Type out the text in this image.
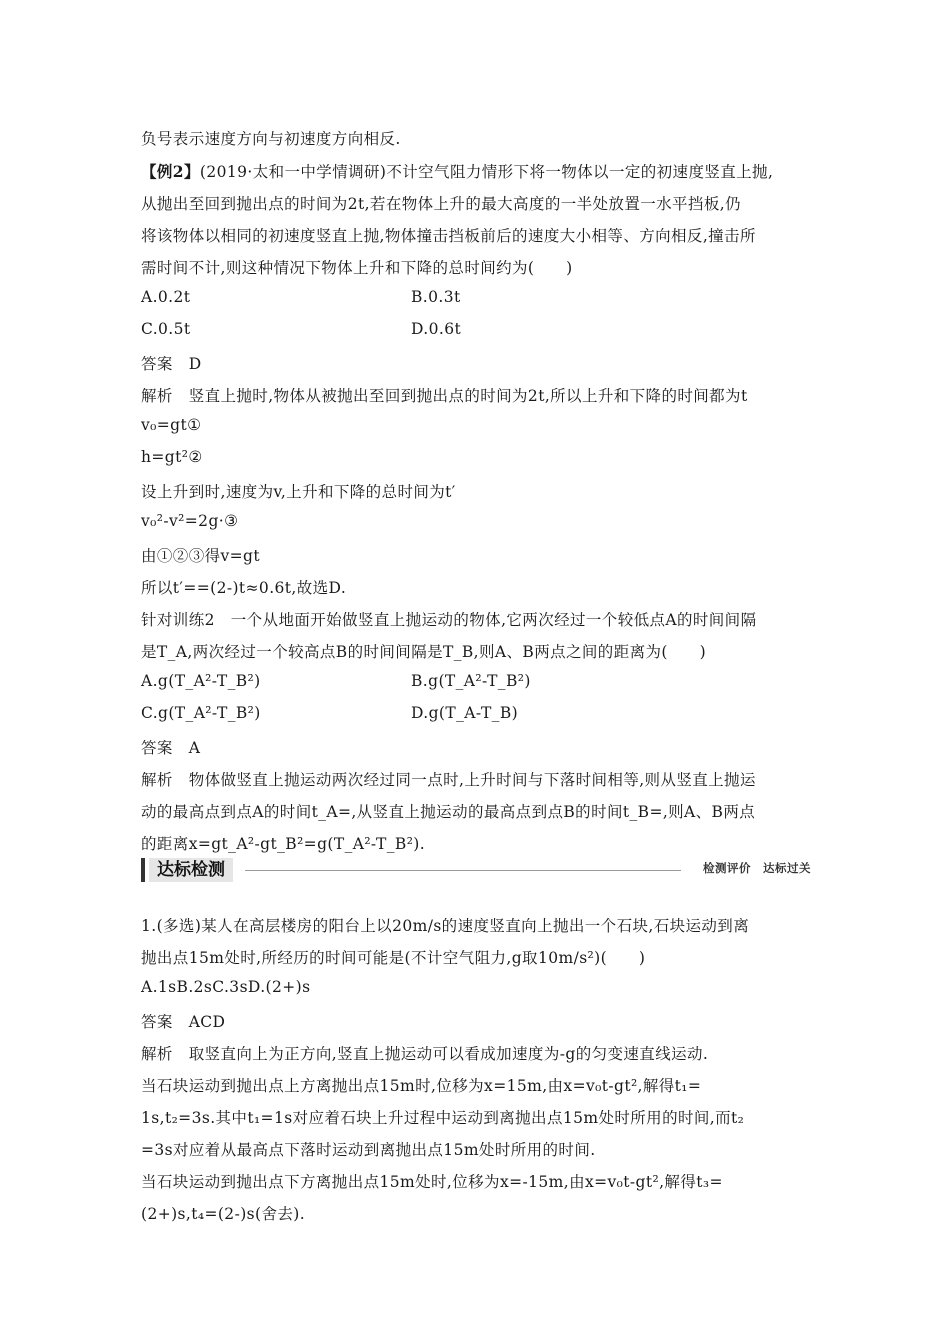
负号表示速度方向与初速度方向相反.
【例2】(2019·太和一中学情调研)不计空气阻力情形下将一物体以一定的初速度竖直上抛,
从抛出至回到抛出点的时间为2t,若在物体上升的最大高度的一半处放置一水平挡板,仍
将该物体以相同的初速度竖直上抛,物体撞击挡板前后的速度大小相等、方向相反,撞击所
需时间不计,则这种情况下物体上升和下降的总时间约为(　　)
A.0.2t	B.0.3t
C.0.5t	D.0.6t
答案　D
解析　竖直上抛时,物体从被抛出至回到抛出点的时间为2t,所以上升和下降的时间都为t
v₀=gt①
h=gt²②
设上升到时,速度为v,上升和下降的总时间为t′
v₀²-v²=2g·③
由①②③得v=gt
所以t′==(2-)t≈0.6t,故选D.
针对训练2　一个从地面开始做竖直上抛运动的物体,它两次经过一个较低点A的时间间隔
是T_A,两次经过一个较高点B的时间间隔是T_B,则A、B两点之间的距离为(　　)
A.g(T_A²-T_B²)	B.g(T_A²-T_B²)
C.g(T_A²-T_B²)	D.g(T_A-T_B)
答案　A
解析　物体做竖直上抛运动两次经过同一点时,上升时间与下落时间相等,则从竖直上抛运
动的最高点到点A的时间t_A=,从竖直上抛运动的最高点到点B的时间t_B=,则A、B两点
的距离x=gt_A²-gt_B²=g(T_A²-T_B²).
达标检测	检测评价　达标过关
1.(多选)某人在高层楼房的阳台上以20m/s的速度竖直向上抛出一个石块,石块运动到离
抛出点15m处时,所经历的时间可能是(不计空气阻力,g取10m/s²)(　　)
A.1sB.2sC.3sD.(2+)s
答案　ACD
解析　取竖直向上为正方向,竖直上抛运动可以看成加速度为-g的匀变速直线运动.
当石块运动到抛出点上方离抛出点15m时,位移为x=15m,由x=v₀t-gt²,解得t₁=
1s,t₂=3s.其中t₁=1s对应着石块上升过程中运动到离抛出点15m处时所用的时间,而t₂
=3s对应着从最高点下落时运动到离抛出点15m处时所用的时间.
当石块运动到抛出点下方离抛出点15m处时,位移为x=-15m,由x=v₀t-gt²,解得t₃=
(2+)s,t₄=(2-)s(舍去).
